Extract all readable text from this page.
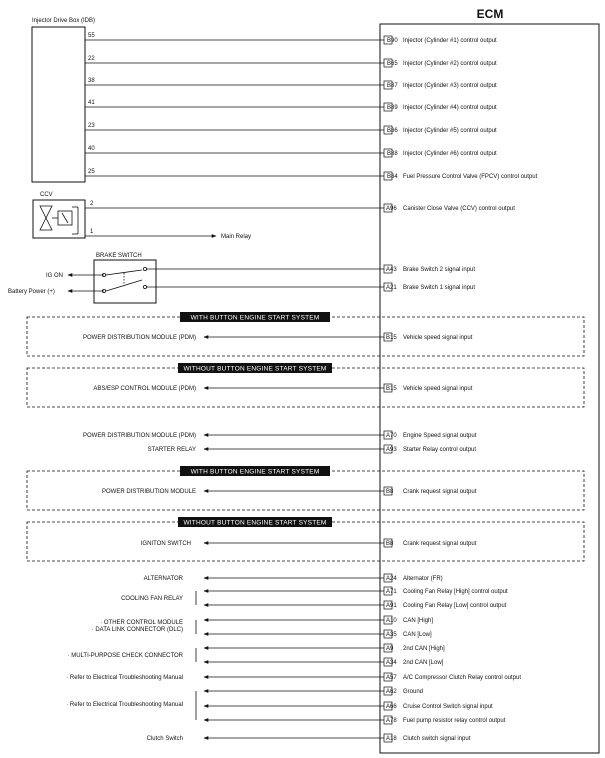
ECM
Injector Drive Box (IDB)
55
B90 Injector (Cylinder #1) control output
22
B65 Injector (Cylinder #2) control output
38
B87 Injector (Cylinder #3) control output
41
B89 Injector (Cylinder #4) control output
23
B86 Injector (Cylinder #5) control output
40
B88 Injector (Cylinder #6) control output
25
B84 Fuel Pressure Control Valve (FPCV) control output
CCV
2
A96 Canister Close Valve (CCV) control output
1
Main Relay
BRAKE SWITCH
IG ON
Battery Power (+)
A43 Brake Switch 2 signal input
A21 Brake Switch 1 signal input
WITH BUTTON ENGINE START SYSTEM
POWER DISTRIBUTION MODULE (PDM)	B15 Vehicle speed signal input
WITHOUT BUTTON ENGINE START SYSTEM
ABS/ESP CONTROL MODULE (PDM)	B15 Vehicle speed signal input
POWER DISTRIBUTION MODULE (PDM)	A70 Engine Speed signal output
STARTER RELAY	A93 Starter Relay control output
WITH BUTTON ENGINE START SYSTEM
POWER DISTRIBUTION MODULE	B8 Crank request signal output
WITHOUT BUTTON ENGINE START SYSTEM
IGNITON SWITCH	B8 Crank request signal output
ALTERNATOR	A24 Alternator (FR)
COOLING FAN RELAY
A71 Cooling Fan Relay [High] control output
A91 Cooling Fan Relay [Low] control output
· OTHER CONTROL MODULE
· DATA LINK CONNECTOR (DLC)
A10 CAN [High]
A35 CAN [Low]
· MULTI-PURPOSE CHECK CONNECTOR
A9 2nd CAN [High]
A34 2nd CAN [Low]
· Refer to Electrical Troubleshooting Manual	A57 A/C Compressor Clutch Relay control output
· Refer to Electrical Troubleshooting Manual
A62 Ground
A66 Cruise Control Switch signal input
A78 Fuel pump resistor relay control output
Clutch Switch	A18 Clutch switch signal input
